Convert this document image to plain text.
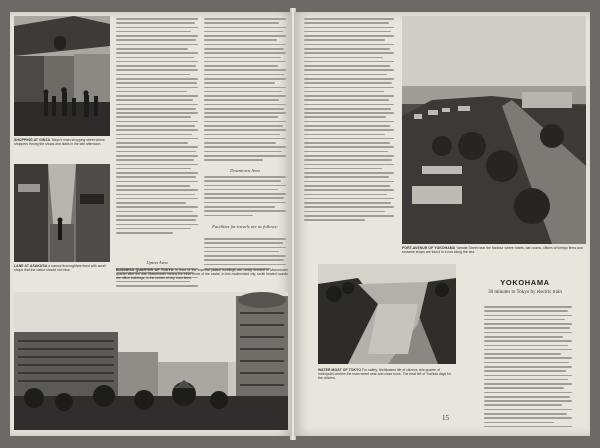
SHOPPING AT GINZA Tokyo's main shopping street where shoppers throng the shops and stalls in the late afternoon.
LANE AT ASAKUSA a narrow thoroughfare lined with small shops that the visitor should not miss.
Upton Area
Downtown Area
Facilities for travels are as follows:
BUSINESS QUARTER OF TOKYO In front of the imperial palace buildings are newly erected in Marunouchi quarter after the war. Marunouchi means the inner circle of the castle. In this modernized city, south heated rounds are office buildings, in the center of city, tram lines.
PORT-AVENUE OF YOKOHAMA Yamate Street near the harbour where hotels, bar-rooms, offices of foreign firms and souvenir shops are found in a row along the sea.
WATER MOAT OF TOKYO For safety, Nishikaisen life of citizens, this quarter of metropolis centers the main street near and close tours. The beat left of Yoshida days for the citizens.
YOKOHAMA
30 minutes to Tokyo by electric train
15
